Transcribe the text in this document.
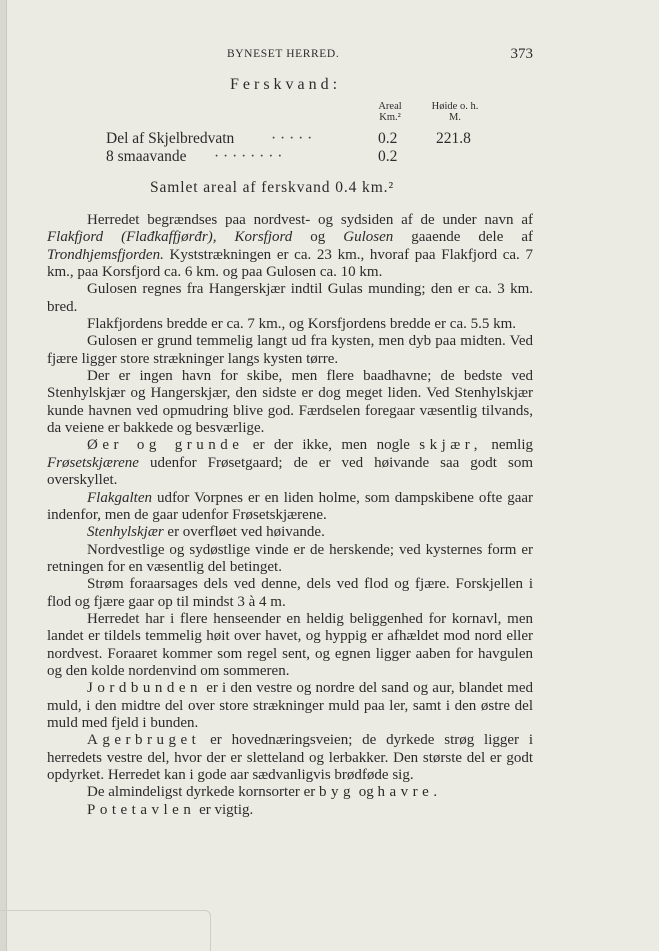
BYNESET HERRED.	373
Ferskvand:
Areal
Km.²
Høide o. h.
M.
Del af Skjelbredvatn · · · · ·	0.2 221.8
8 smaavande · · · · · · · ·	0.2
Samlet areal af ferskvand 0.4 km.²

Herredet begrændses paa nordvest- og sydsiden af de under navn af Flakfjord (Flađkaffjørđr), Korsfjord og Gulosen gaaende dele af Trondhjemsfjorden. Kyststrækningen er ca. 23 km., hvoraf paa Flakfjord ca. 7 km., paa Korsfjord ca. 6 km. og paa Gulosen ca. 10 km.

Gulosen regnes fra Hangerskjær indtil Gulas munding; den er ca. 3 km. bred.

Flakfjordens bredde er ca. 7 km., og Korsfjordens bredde er ca. 5.5 km.

Gulosen er grund temmelig langt ud fra kysten, men dyb paa midten. Ved fjære ligger store strækninger langs kysten tørre.

Der er ingen havn for skibe, men flere baadhavne; de bedste ved Stenhylskjær og Hangerskjær, den sidste er dog meget liden. Ved Stenhylskjær kunde havnen ved opmudring blive god. Færdselen foregaar væsentlig tilvands, da veiene er bakkede og besværlige.

Øer og grunde er der ikke, men nogle skjær, nemlig Frøsetskjærene udenfor Frøsetgaard; de er ved høivande saa godt som overskyllet.

Flakgalten udfor Vorpnes er en liden holme, som dampskibene ofte gaar indenfor, men de gaar udenfor Frøsetskjærene.

Stenhylskjær er overfløet ved høivande.

Nordvestlige og sydøstlige vinde er de herskende; ved kysternes form er retningen for en væsentlig del betinget.

Strøm foraarsages dels ved denne, dels ved flod og fjære. Forskjellen i flod og fjære gaar op til mindst 3 à 4 m.

Herredet har i flere henseender en heldig beliggenhed for kornavl, men landet er tildels temmelig høit over havet, og hyppig er afhældet mod nord eller nordvest. Foraaret kommer som regel sent, og egnen ligger aaben for havgulen og den kolde nordenvind om sommeren.

Jordbunden er i den vestre og nordre del sand og aur, blandet med muld, i den midtre del over store strækninger muld paa ler, samt i den østre del muld med fjeld i bunden.

Agerbruget er hovednæringsveien; de dyrkede strøg ligger i herredets vestre del, hvor der er sletteland og lerbakker. Den største del er godt opdyrket. Herredet kan i gode aar sædvanligvis brødføde sig.

De almindeligst dyrkede kornsorter er byg og havre.

Potetavlen er vigtig.
